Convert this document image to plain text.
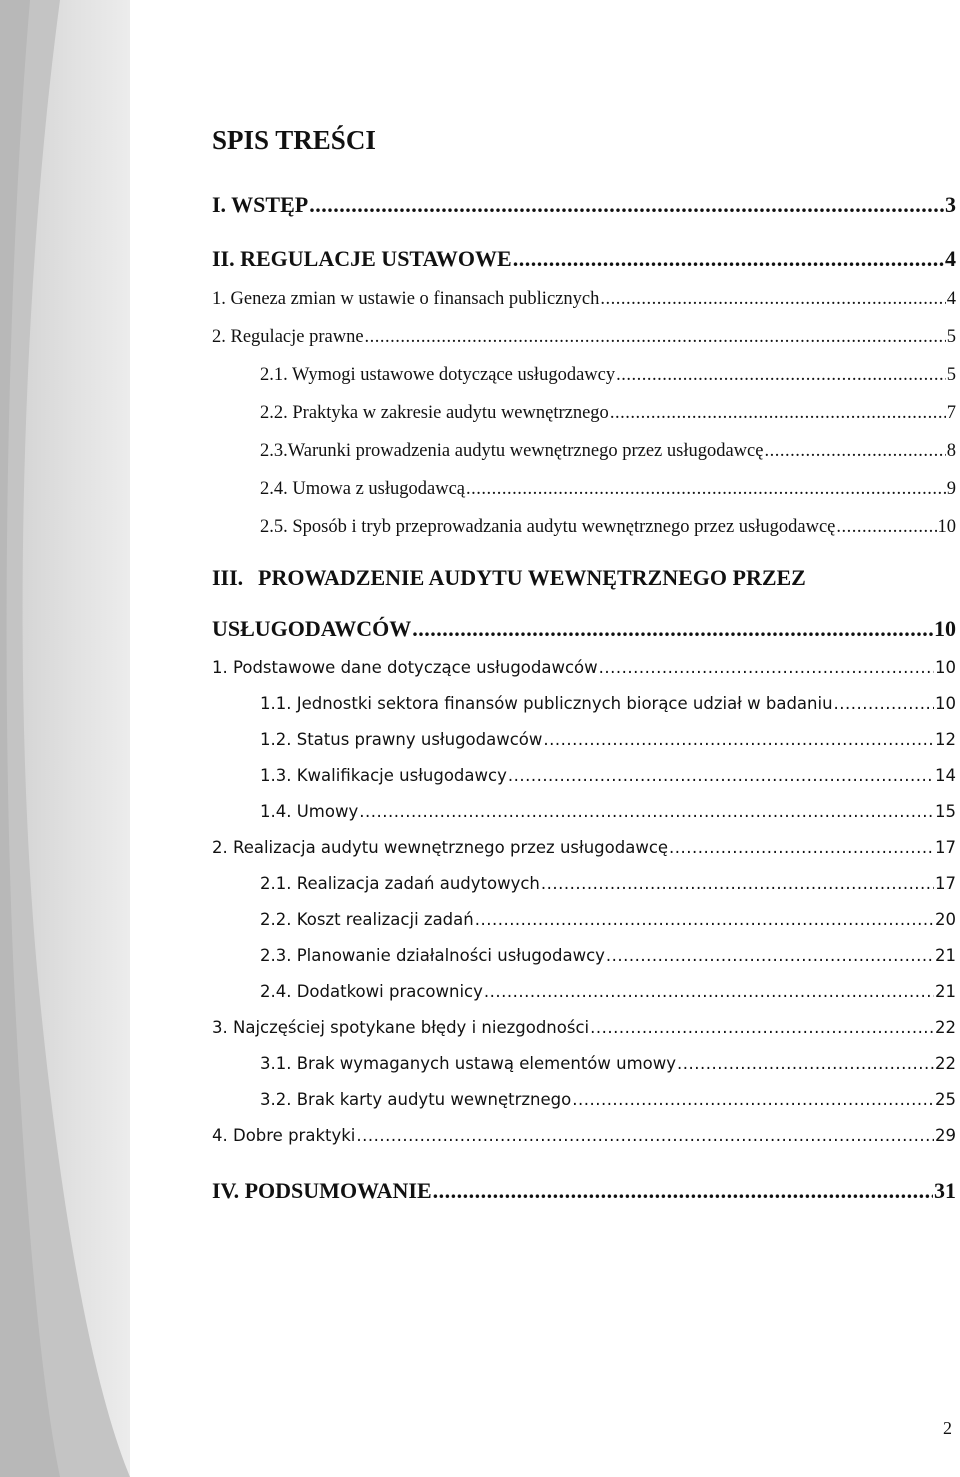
SPIS TREŚCI
I. WSTĘP .....	3
II. REGULACJE USTAWOWE .....	4
1. Geneza zmian w ustawie o finansach publicznych .....	4
2. Regulacje prawne .....	5
2.1. Wymogi ustawowe dotyczące usługodawcy .....	5
2.2. Praktyka w zakresie audytu wewnętrznego .....	7
2.3.Warunki prowadzenia audytu wewnętrznego przez usługodawcę .....	8
2.4. Umowa z usługodawcą .....	9
2.5. Sposób i tryb przeprowadzania audytu wewnętrznego przez usługodawcę .....	10
III. PROWADZENIE AUDYTU WEWNĘTRZNEGO PRZEZ
USŁUGODAWCÓW .....	10
1. Podstawowe dane dotyczące usługodawców .....	10
1.1. Jednostki sektora finansów publicznych biorące udział w badaniu .....	10
1.2. Status prawny usługodawców .....	12
1.3. Kwalifikacje usługodawcy .....	14
1.4. Umowy .....	15
2. Realizacja audytu wewnętrznego przez usługodawcę .....	17
2.1. Realizacja zadań audytowych .....	17
2.2. Koszt realizacji zadań .....	20
2.3. Planowanie działalności usługodawcy .....	21
2.4. Dodatkowi pracownicy .....	21
3. Najczęściej spotykane błędy i niezgodności .....	22
3.1. Brak wymaganych ustawą elementów umowy .....	22
3.2. Brak karty audytu wewnętrznego .....	25
4. Dobre praktyki .....	29
IV. PODSUMOWANIE .....	31
2
